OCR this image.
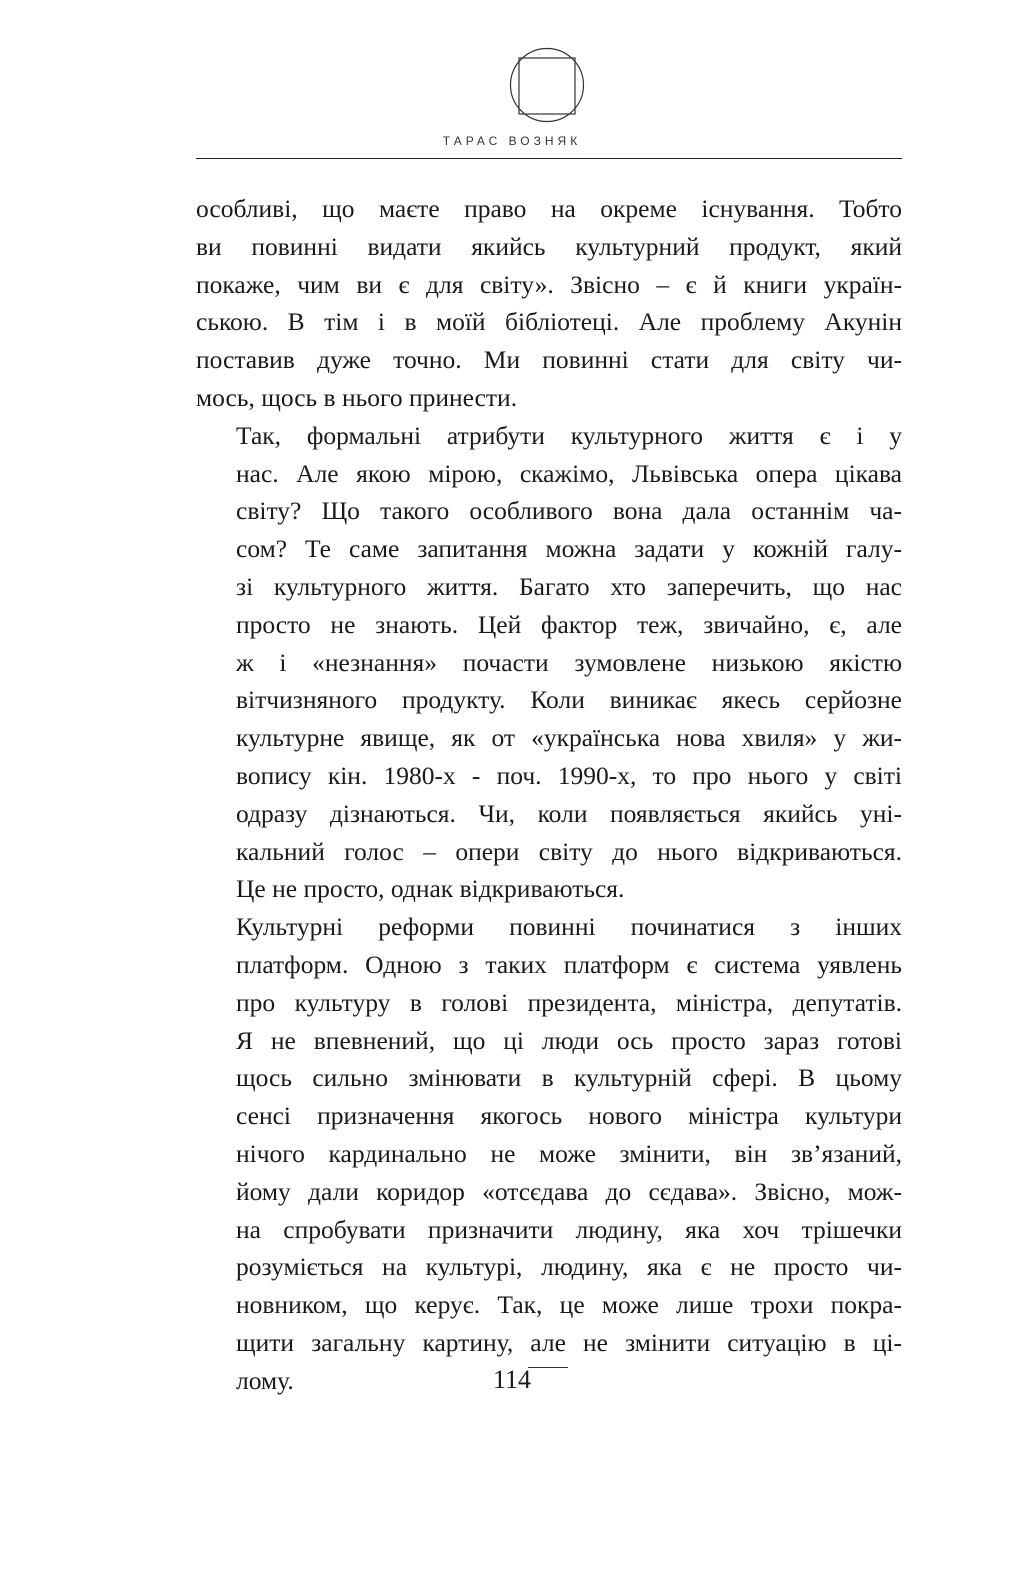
ТАРАС ВОЗНЯК

особливі, що маєте право на окреме існування. Тобто
ви повинні видати якийсь культурний продукт, який
покаже, чим ви є для світу». Звісно – є й книги україн-
ською. В тім і в моїй бібліотеці. Але проблему Акунін
поставив дуже точно. Ми повинні стати для світу чи-
мось, щось в нього принести.

Так, формальні атрибути культурного життя є і у
нас. Але якою мірою, скажімо, Львівська опера цікава
світу? Що такого особливого вона дала останнім ча-
сом? Те саме запитання можна задати у кожній галу-
зі культурного життя. Багато хто заперечить, що нас
просто не знають. Цей фактор теж, звичайно, є, але
ж і «незнання» почасти зумовлене низькою якістю
вітчизняного продукту. Коли виникає якесь серйозне
культурне явище, як от «українська нова хвиля» у жи-
вопису кін. 1980-х - поч. 1990-х, то про нього у світі
одразу дізнаються. Чи, коли появляється якийсь уні-
кальний голос – опери світу до нього відкриваються.
Це не просто, однак відкриваються.

Культурні реформи повинні починатися з інших
платформ. Одною з таких платформ є система уявлень
про культуру в голові президента, міністра, депутатів.
Я не впевнений, що ці люди ось просто зараз готові
щось сильно змінювати в культурній сфері. В цьому
сенсі призначення якогось нового міністра культури
нічого кардинально не може змінити, він зв’язаний,
йому дали коридор «отсєдава до сєдава». Звісно, мож-
на спробувати призначити людину, яка хоч трішечки
розуміється на культурі, людину, яка є не просто чи-
новником, що керує. Так, це може лише трохи покра-
щити загальну картину, але не змінити ситуацію в ці-
лому.	114
